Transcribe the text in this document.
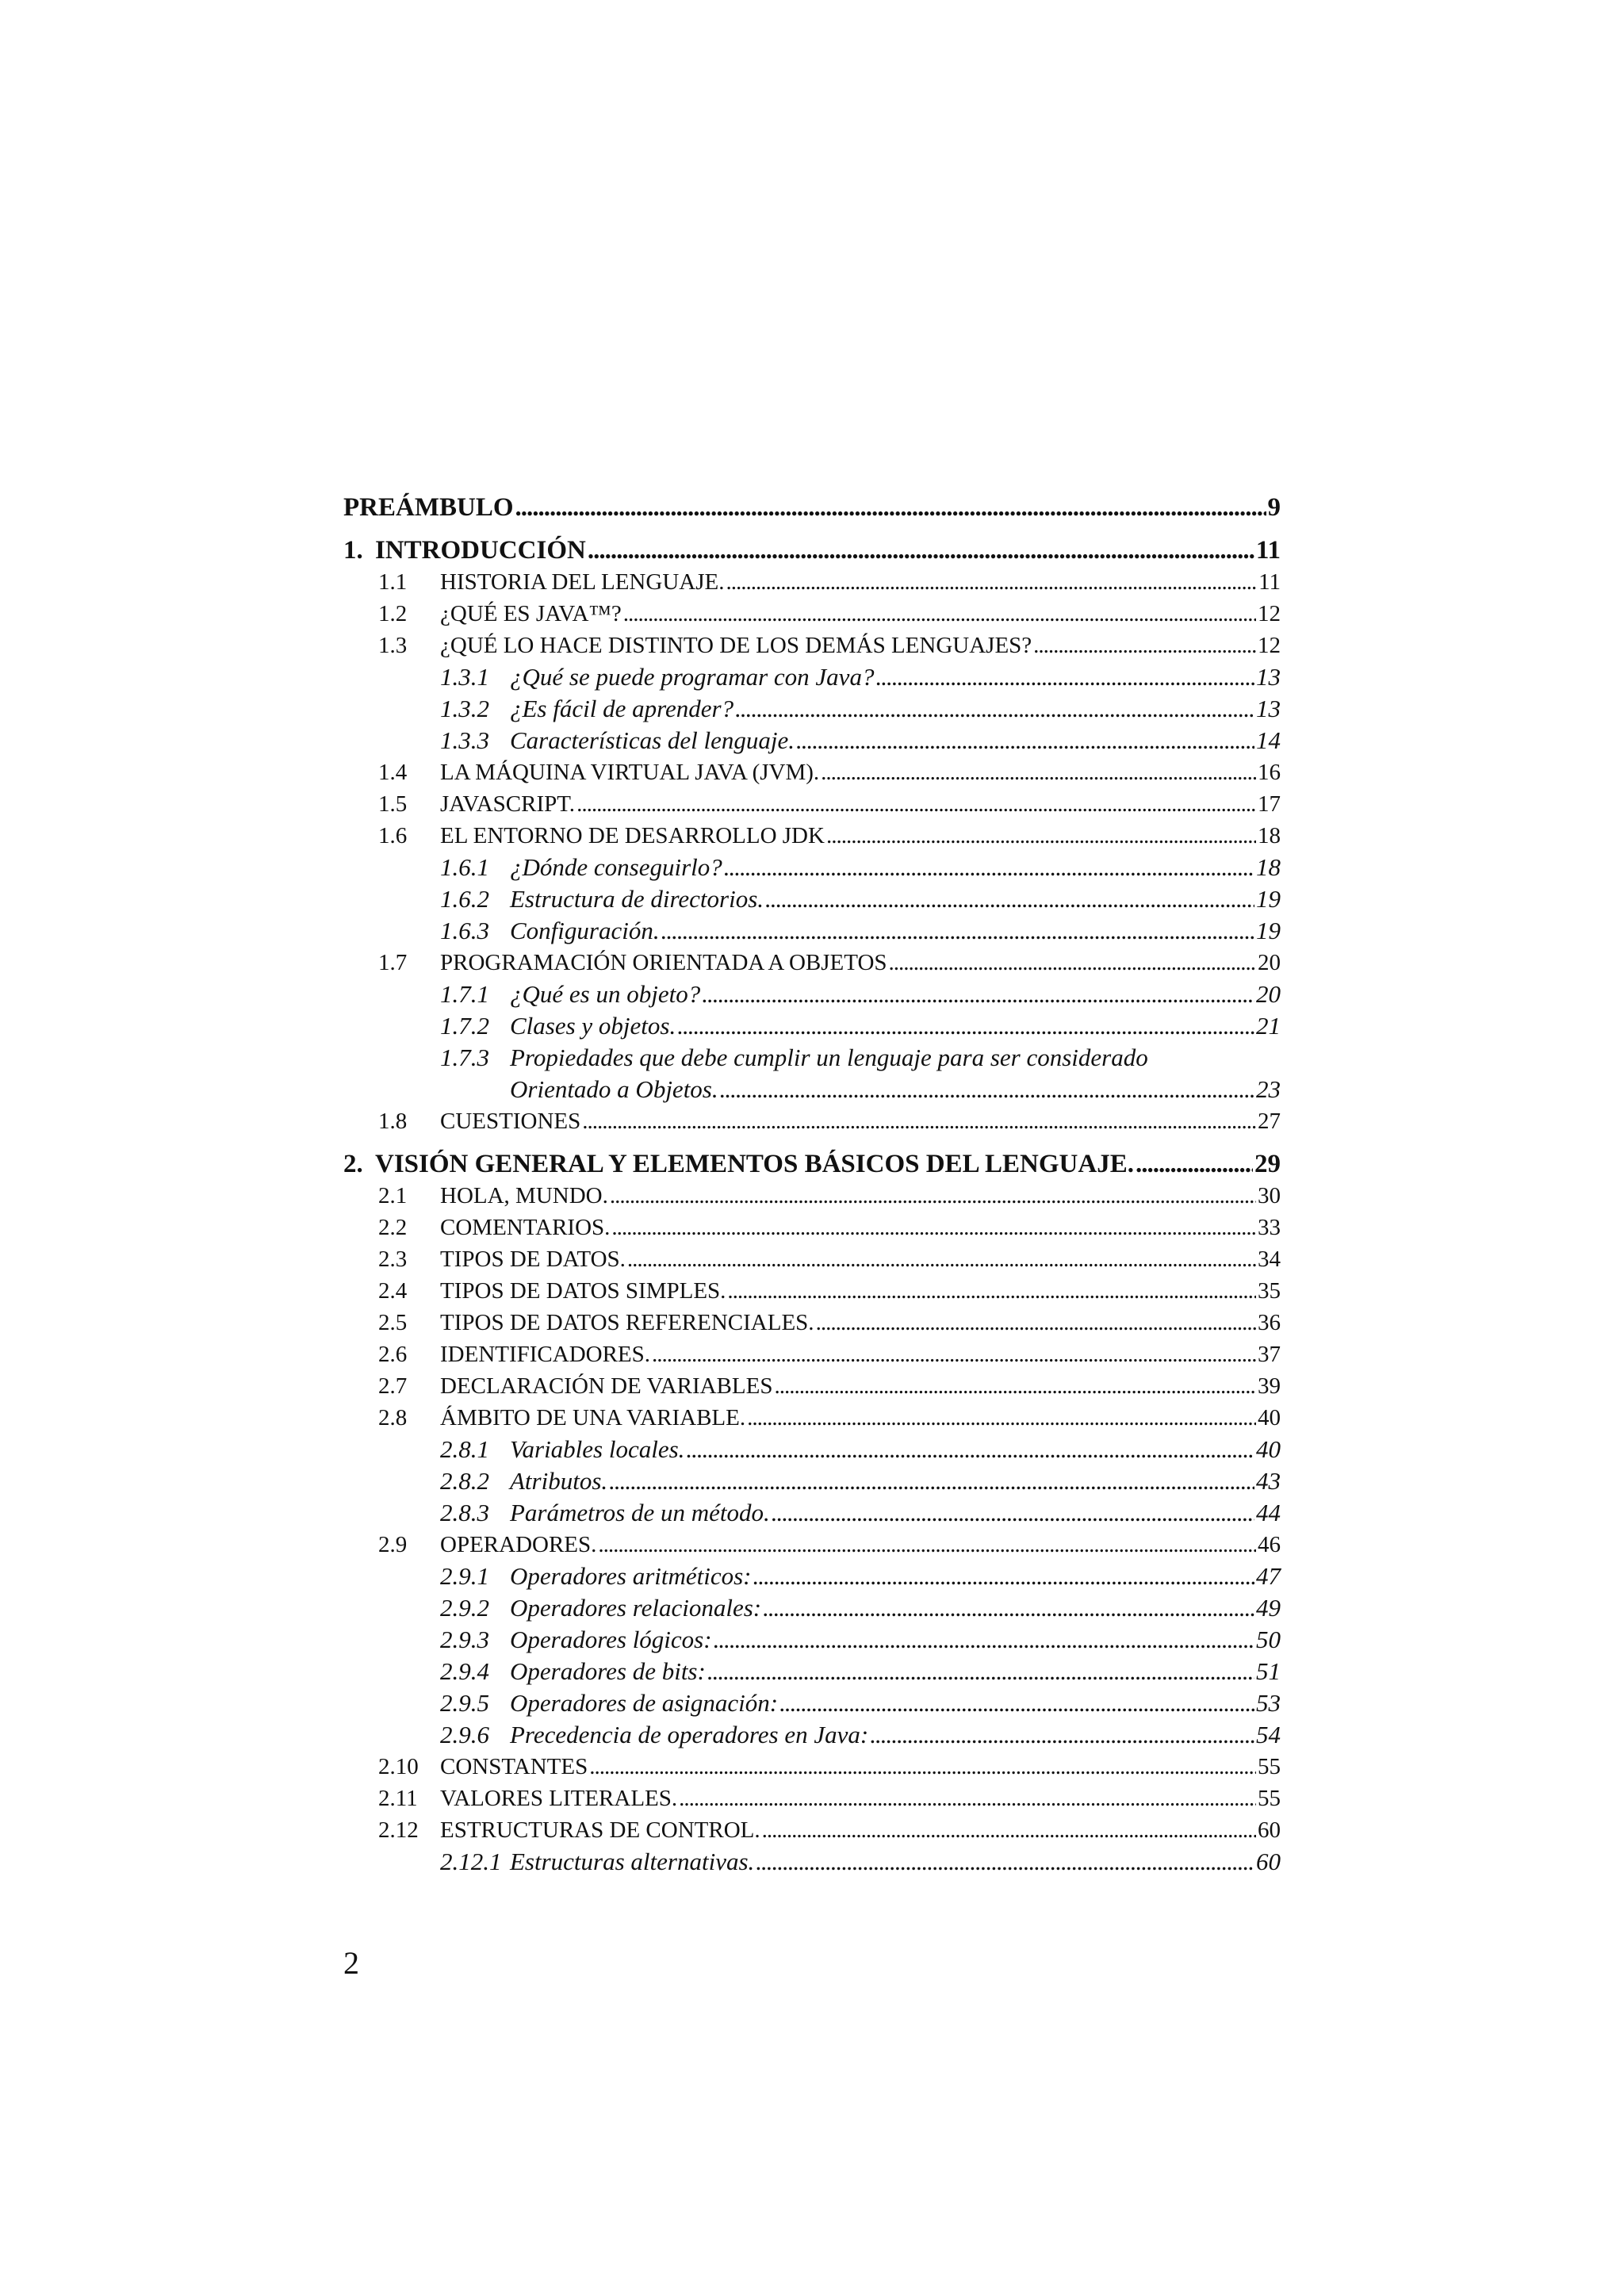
PREÁMBULO .....	9
1. INTRODUCCIÓN .....	11
1.1	HISTORIA DEL LENGUAJE. .....	11
1.2	¿QUÉ ES JAVA™? .....	12
1.3	¿QUÉ LO HACE DISTINTO DE LOS DEMÁS LENGUAJES? .....	12
1.3.1 ¿Qué se puede programar con Java? .....	13
1.3.2 ¿Es fácil de aprender? .....	13
1.3.3 Características del lenguaje. .....	14
1.4	LA MÁQUINA VIRTUAL JAVA (JVM). .....	16
1.5	JAVASCRIPT. .....	17
1.6	EL ENTORNO DE DESARROLLO JDK .....	18
1.6.1 ¿Dónde conseguirlo? .....	18
1.6.2 Estructura de directorios. .....	19
1.6.3 Configuración. .....	19
1.7	PROGRAMACIÓN ORIENTADA A OBJETOS .....	20
1.7.1 ¿Qué es un objeto? .....	20
1.7.2 Clases y objetos. .....	21
1.7.3 Propiedades que debe cumplir un lenguaje para ser considerado
Orientado a Objetos. .....	23
1.8	CUESTIONES .....	27
2. VISIÓN GENERAL Y ELEMENTOS BÁSICOS DEL LENGUAJE. .....	29
2.1	HOLA, MUNDO. .....	30
2.2	COMENTARIOS. .....	33
2.3	TIPOS DE DATOS. .....	34
2.4	TIPOS DE DATOS SIMPLES. .....	35
2.5	TIPOS DE DATOS REFERENCIALES. .....	36
2.6	IDENTIFICADORES. .....	37
2.7	DECLARACIÓN DE VARIABLES .....	39
2.8	ÁMBITO DE UNA VARIABLE. .....	40
2.8.1 Variables locales. .....	40
2.8.2 Atributos. .....	43
2.8.3 Parámetros de un método. .....	44
2.9	OPERADORES. .....	46
2.9.1 Operadores aritméticos: .....	47
2.9.2 Operadores relacionales: .....	49
2.9.3 Operadores lógicos: .....	50
2.9.4 Operadores de bits: .....	51
2.9.5 Operadores de asignación: .....	53
2.9.6 Precedencia de operadores en Java: .....	54
2.10 CONSTANTES .....	55
2.11 VALORES LITERALES. .....	55
2.12 ESTRUCTURAS DE CONTROL. .....	60
2.12.1 Estructuras alternativas. .....	60
2
